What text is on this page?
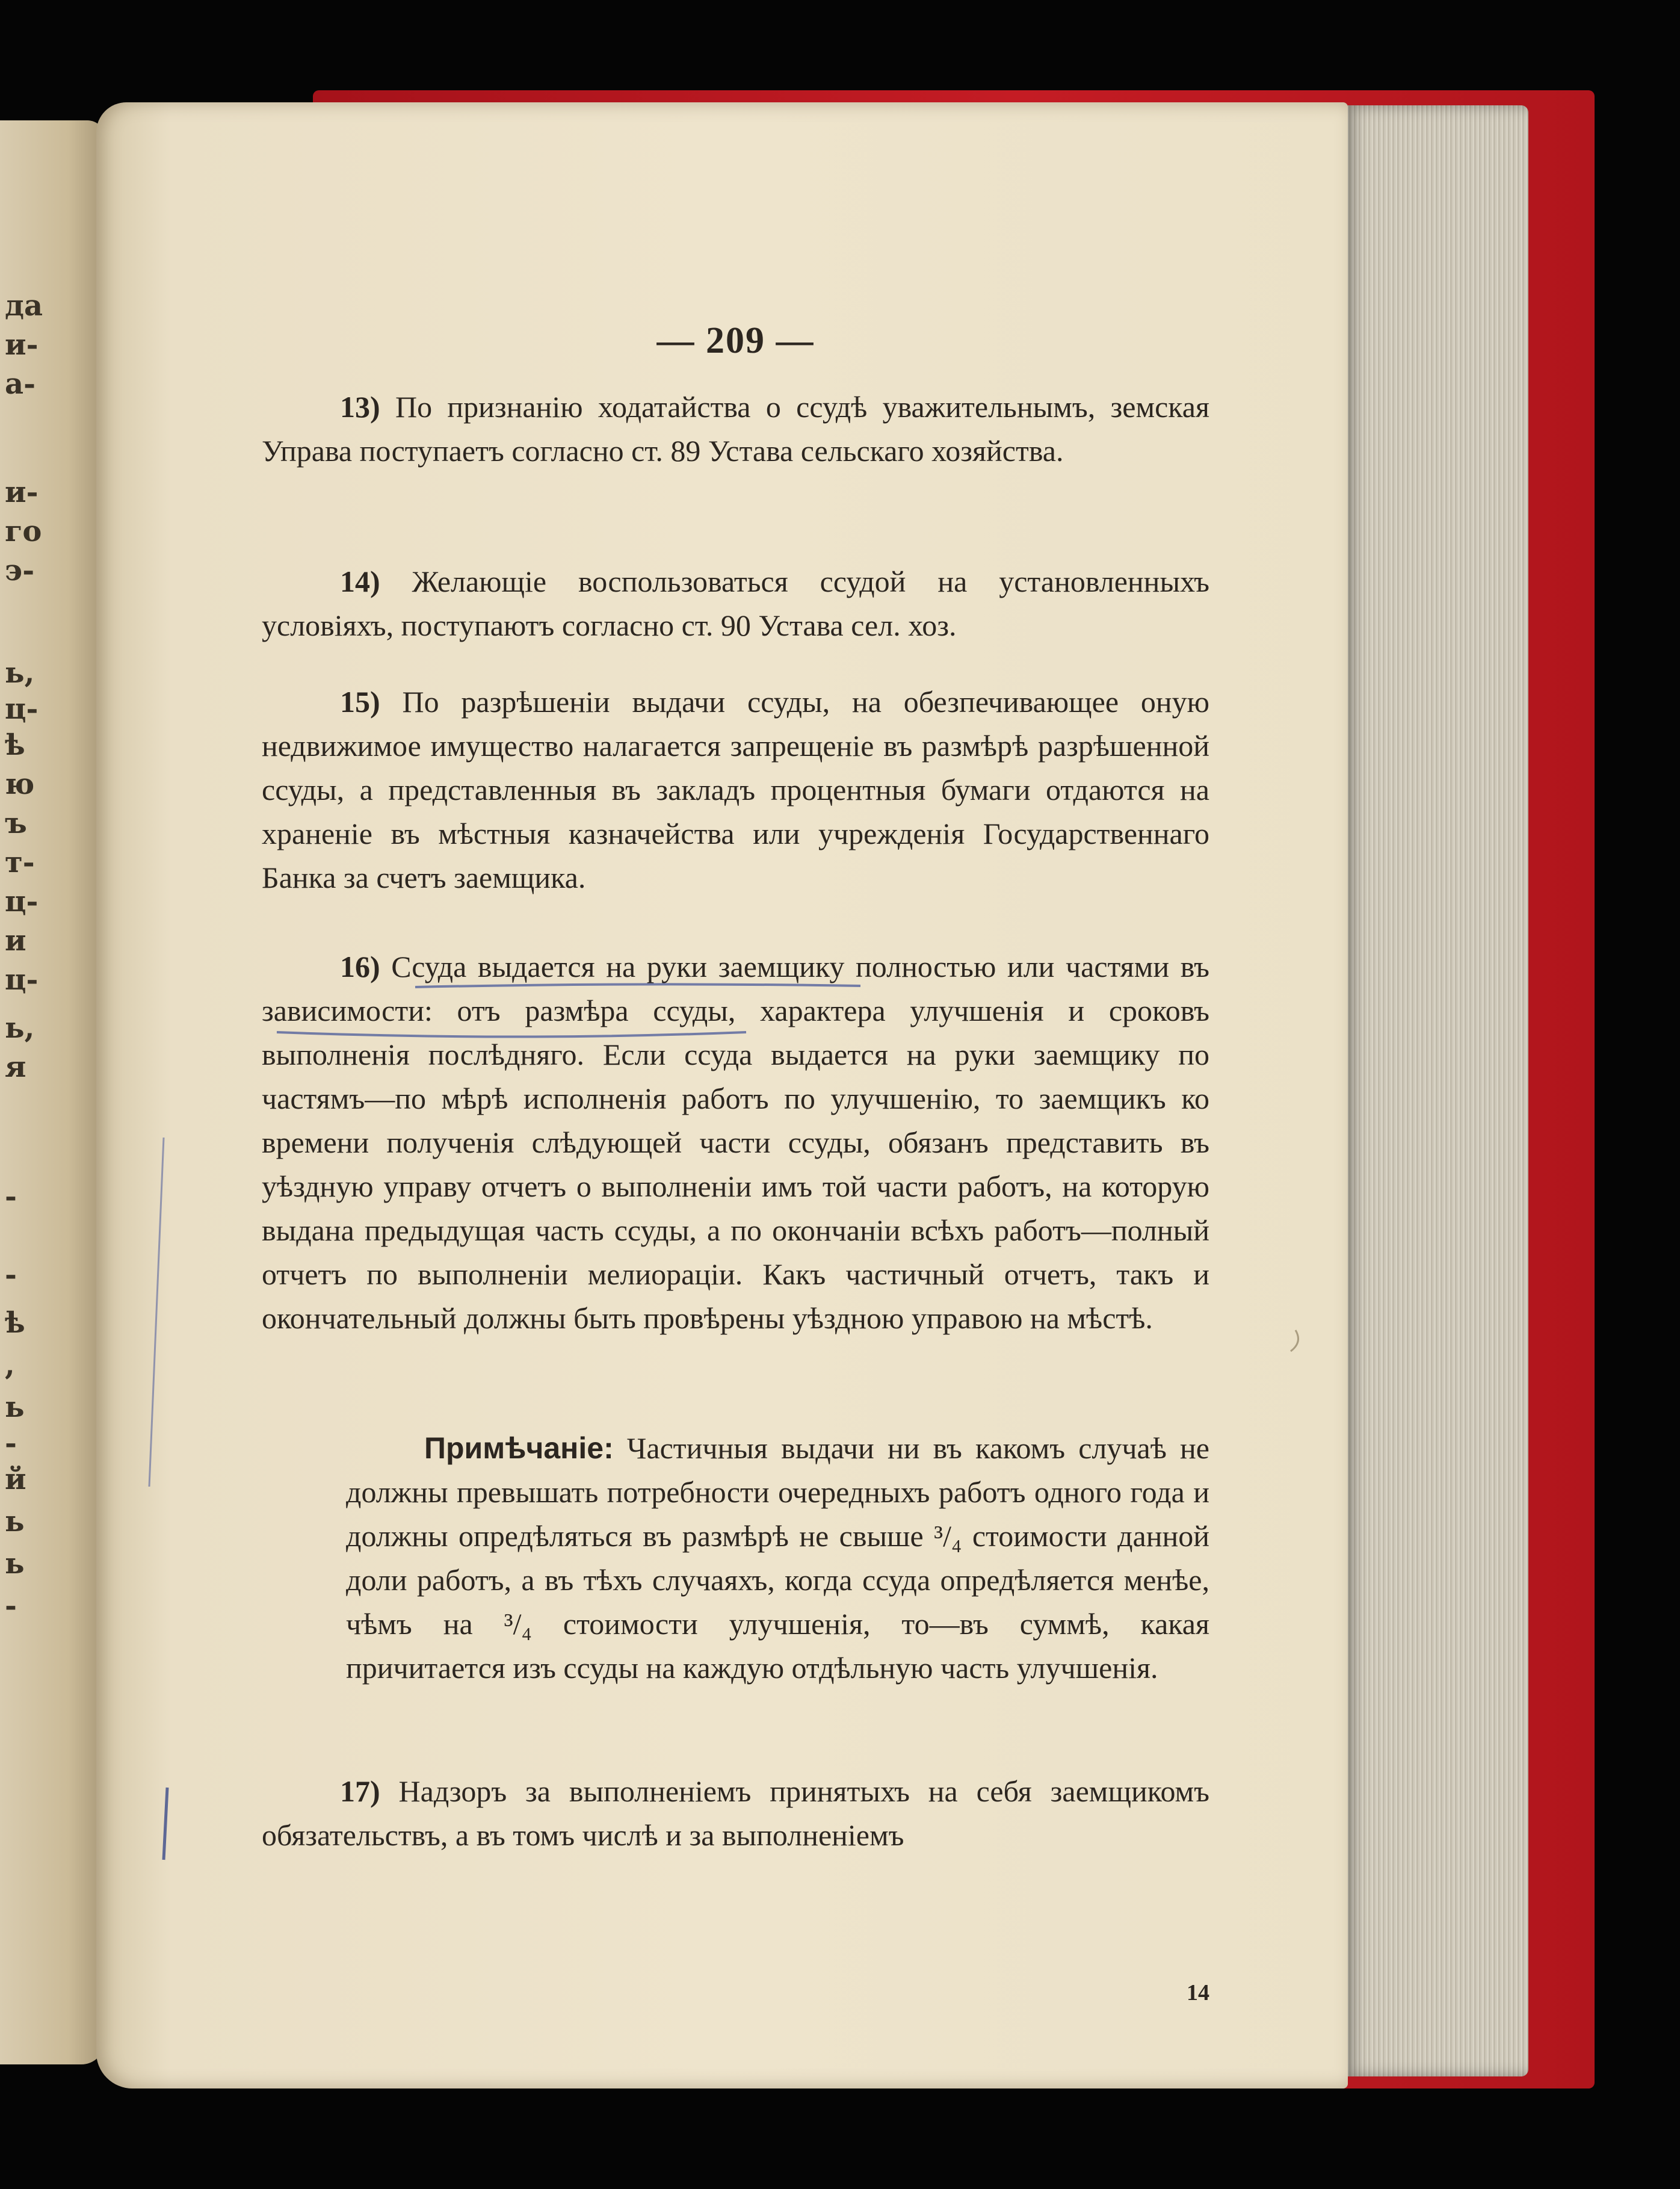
да
и-
а-
и-
го
э-
ь,
ц-
ѣ
ю
ъ
т-
ц-
и
ц-
ь,
я
-
-
ѣ
,
ь
-
й
ь
ь
-
— 209 —

13) По признанію ходатайства о ссудѣ уважительнымъ, земская Управа поступаетъ согласно ст. 89 Устава сельскаго хозяйства.

14) Желающіе воспользоваться ссудой на установленныхъ условіяхъ, поступаютъ согласно ст. 90 Устава сел. хоз.

15) По разрѣшеніи выдачи ссуды, на обезпечивающее оную недвижимое имущество налагается запрещеніе въ размѣрѣ разрѣшенной ссуды, а представленныя въ закладъ процентныя бумаги отдаются на храненіе въ мѣстныя казначейства или учрежденія Государственнаго Банка за счетъ заемщика.

16) Ссуда выдается на руки заемщику полностью или частями въ зависимости: отъ размѣра ссуды, характера улучшенія и сроковъ выполненія послѣдняго. Если ссуда выдается на руки заемщику по частямъ—по мѣрѣ исполненія работъ по улучшенію, то заемщикъ ко времени полученія слѣдующей части ссуды, обязанъ представить въ уѣздную управу отчетъ о выполненіи имъ той части работъ, на которую выдана предыдущая часть ссуды, а по окончаніи всѣхъ работъ—полный отчетъ по выполненіи мелиораціи. Какъ частичный отчетъ, такъ и окончательный должны быть провѣрены уѣздною управою на мѣстѣ.

Примѣчаніе: Частичныя выдачи ни въ какомъ случаѣ не должны превышать потребности очередныхъ работъ одного года и должны опредѣляться въ размѣрѣ не свыше ³/₄ стоимости данной доли работъ, а въ тѣхъ случаяхъ, когда ссуда опредѣляется менѣе, чѣмъ на ³/₄ стоимости улучшенія, то—въ суммѣ, какая причитается изъ ссуды на каждую отдѣльную часть улучшенія.

17) Надзоръ за выполненіемъ принятыхъ на себя заемщикомъ обязательствъ, а въ томъ числѣ и за выполненіемъ

14
